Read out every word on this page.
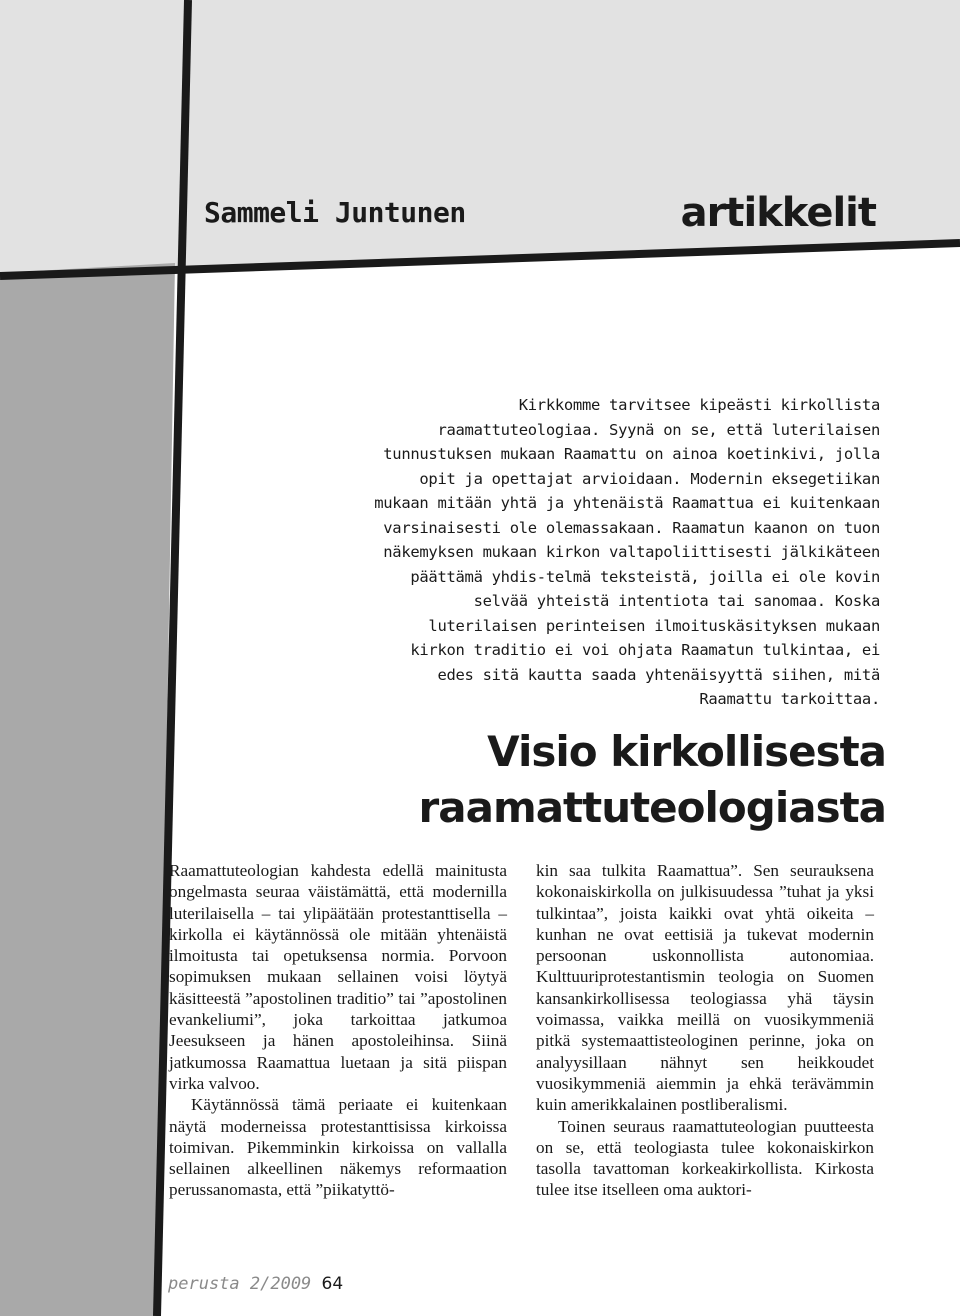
Sammeli Juntunen	artikkelit

Kirkkomme tarvitsee kipeästi kirkollista raamattuteologiaa. Syynä on se, että luterilaisen tunnustuksen mukaan Raamattu on ainoa koetinkivi, jolla opit ja opettajat arvioidaan. Modernin eksegetiikan mukaan mitään yhtä ja yhtenäistä Raamattua ei kuitenkaan varsinaisesti ole olemassakaan. Raamatun kaanon on tuon näkemyksen mukaan kirkon valtapoliittisesti jälkikäteen päättämä yhdis-telmä teksteistä, joilla ei ole kovin selvää yhteistä intentiota tai sanomaa. Koska luterilaisen perinteisen ilmoituskäsityksen mukaan kirkon traditio ei voi ohjata Raamatun tulkintaa, ei edes sitä kautta saada yhtenäisyyttä siihen, mitä Raamattu tarkoittaa.

Visio kirkollisesta
raamattuteologiasta

Raamattuteologian kahdesta edellä mainitusta ongelmasta seuraa väistämättä, että modernilla luterilaisella – tai ylipäätään protestanttisella – kirkolla ei käytännössä ole mitään yhtenäistä ilmoitusta tai opetuksensa normia. Porvoon sopimuksen mukaan sellainen voisi löytyä käsitteestä ”apostolinen traditio” tai ”apostolinen evankeliumi”, joka tarkoittaa jatkumoa Jeesukseen ja hänen apostoleihinsa. Siinä jatkumossa Raamattua luetaan ja sitä piispan virka valvoo.

Käytännössä tämä periaate ei kuitenkaan näytä moderneissa protestanttisissa kirkoissa toimivan. Pikemminkin kirkoissa on vallalla sellainen alkeellinen näkemys reformaation perussanomasta, että ”piikatyttö-

kin saa tulkita Raamattua”. Sen seurauksena kokonaiskirkolla on julkisuudessa ”tuhat ja yksi tulkintaa”, joista kaikki ovat yhtä oikeita – kunhan ne ovat eettisiä ja tukevat modernin persoonan uskonnollista autonomiaa. Kulttuuriprotestantismin teologia on Suomen kansankirkollisessa teologiassa yhä täysin voimassa, vaikka meillä on vuosikymmeniä pitkä systemaattisteologinen perinne, joka on analyysillaan nähnyt sen heikkoudet vuosikymmeniä aiemmin ja ehkä terävämmin kuin amerikkalainen postliberalismi.

Toinen seuraus raamattuteologian puutteesta on se, että teologiasta tulee kokonaiskirkon tasolla tavattoman korkeakirkollista. Kirkosta tulee itse itselleen oma auktori-

perusta 2/2009 64
